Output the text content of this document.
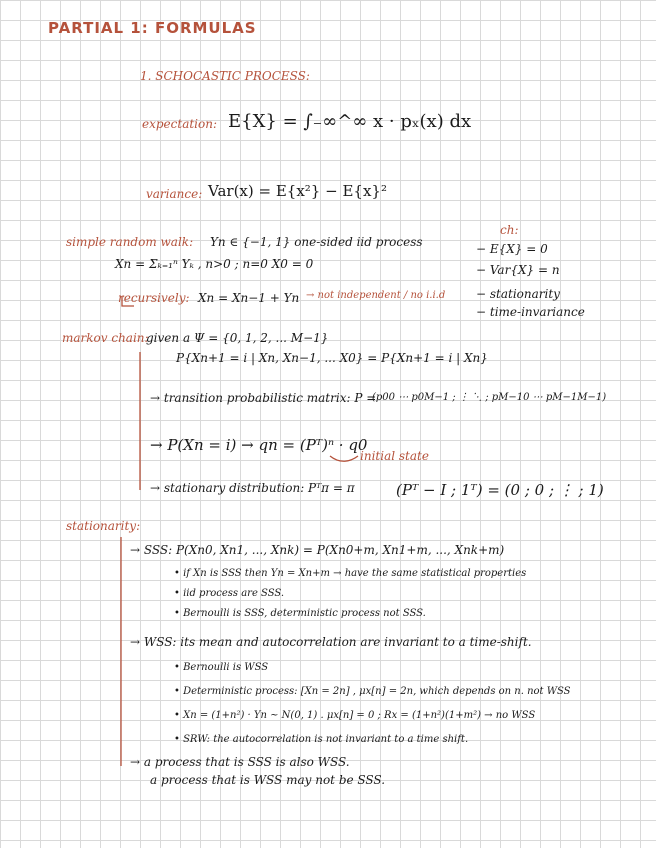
PARTIAL 1: FORMULAS
1. SCHOCASTIC PROCESS:
expectation: E{X} = ∫₋∞^∞ x · pₓ(x) dx
variance: Var(x) = E{x²} − E{x}²
simple random walk: Yn ∈ {−1, 1} one-sided iid process
Xn = Σₖ₌₁ⁿ Yₖ , n>0 ; n=0 X0 = 0
recursively: Xn = Xn−1 + Yn → not independent / no i.i.d
ch:
− E{X} = 0
− Var{X} = n
− stationarity
− time-invariance
markov chain:
given a Ψ = {0, 1, 2, ... M−1}
P{Xn+1 = i | Xn, Xn−1, ... X0} = P{Xn+1 = i | Xn}
→ transition probabilistic matrix: P =
(p00 ⋯ p0M−1 ; ⋮ ⋱ ; pM−10 ⋯ pM−1M−1)
→ P(Xn = i) → qn = (Pᵀ)ⁿ · q0
initial state
→ stationary distribution: Pᵀπ = π	(Pᵀ − I ; 1ᵀ) = (0 ; 0 ; ⋮ ; 1)
stationarity:
→ SSS: P(Xn0, Xn1, ..., Xnk) = P(Xn0+m, Xn1+m, ..., Xnk+m)
• if Xn is SSS then Yn = Xn+m → have the same statistical properties
• iid process are SSS.
• Bernoulli is SSS, deterministic process not SSS.
→ WSS: its mean and autocorrelation are invariant to a time-shift.
• Bernoulli is WSS
• Deterministic process: [Xn = 2n] , μx[n] = 2n, which depends on n. not WSS
• Xn = (1+n²) · Yn ~ N(0, 1) . μx[n] = 0 ; Rx = (1+n²)(1+m²) → no WSS
• SRW: the autocorrelation is not invariant to a time shift.
→ a process that is SSS is also WSS.
a process that is WSS may not be SSS.
